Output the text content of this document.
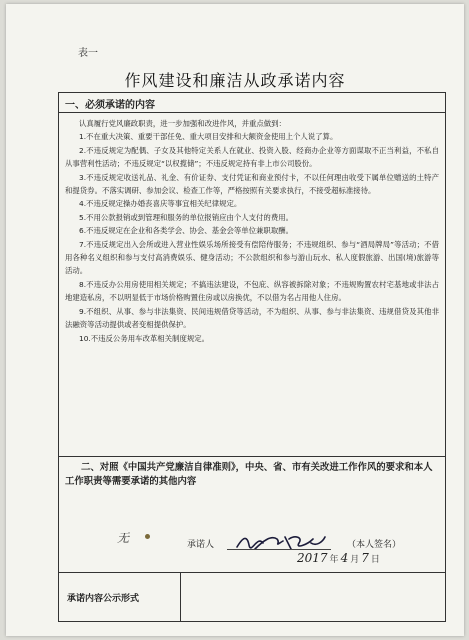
表一
作风建设和廉洁从政承诺内容
一、必须承诺的内容

认真履行党风廉政职责，进一步加强和改进作风，并重点做到：

1.不在重大决策、重要干部任免、重大项目安排和大额资金使用上个人说了算。

2.不违反规定为配偶、子女及其他特定关系人在就业、投资入股、经商办企业等方面谋取不正当利益，不私自从事营利性活动；不违反规定“以权揽储”；不违反规定持有非上市公司股份。

3.不违反规定收送礼品、礼金、有价证券、支付凭证和商业预付卡，不以任何理由收受下属单位赠送的土特产和提货券。不落实调研、参加会议、检查工作等，严格按照有关要求执行，不接受超标准接待。

4.不违反规定操办婚丧喜庆等事宜相关纪律规定。

5.不用公款报销或到管理和服务的单位报销应由个人支付的费用。

6.不违反规定在企业和各类学会、协会、基金会等单位兼职取酬。

7.不违反规定出入会所或进入营业性娱乐场所接受有偿陪侍服务；不违规组织、参与“酒局牌局”等活动；不借用各种名义组织和参与支付高消费娱乐、健身活动；不公款组织和参与游山玩水、私人度假旅游、出国(境)旅游等活动。

8.不违反办公用房使用相关规定；不搞违法建设，不包庇、纵容被拆除对象；不违规购置农村宅基地或非法占地建造私房，不以明显低于市场价格购置住房或以房换优，不以借为名占用他人住房。

9.不组织、从事、参与非法集资、民间违规借贷等活动，不为组织、从事、参与非法集资、违规借贷及其他非法融资等活动提供或者变相提供保护。

10.不违反公务用车改革相关制度规定。

二、对照《中国共产党廉洁自律准则》，中央、省、市有关改进工作作风的要求和本人工作职责等需要承诺的其他内容
无	承诺人	（本人签名）
2017 年 4 月 7 日
承诺内容公示形式
